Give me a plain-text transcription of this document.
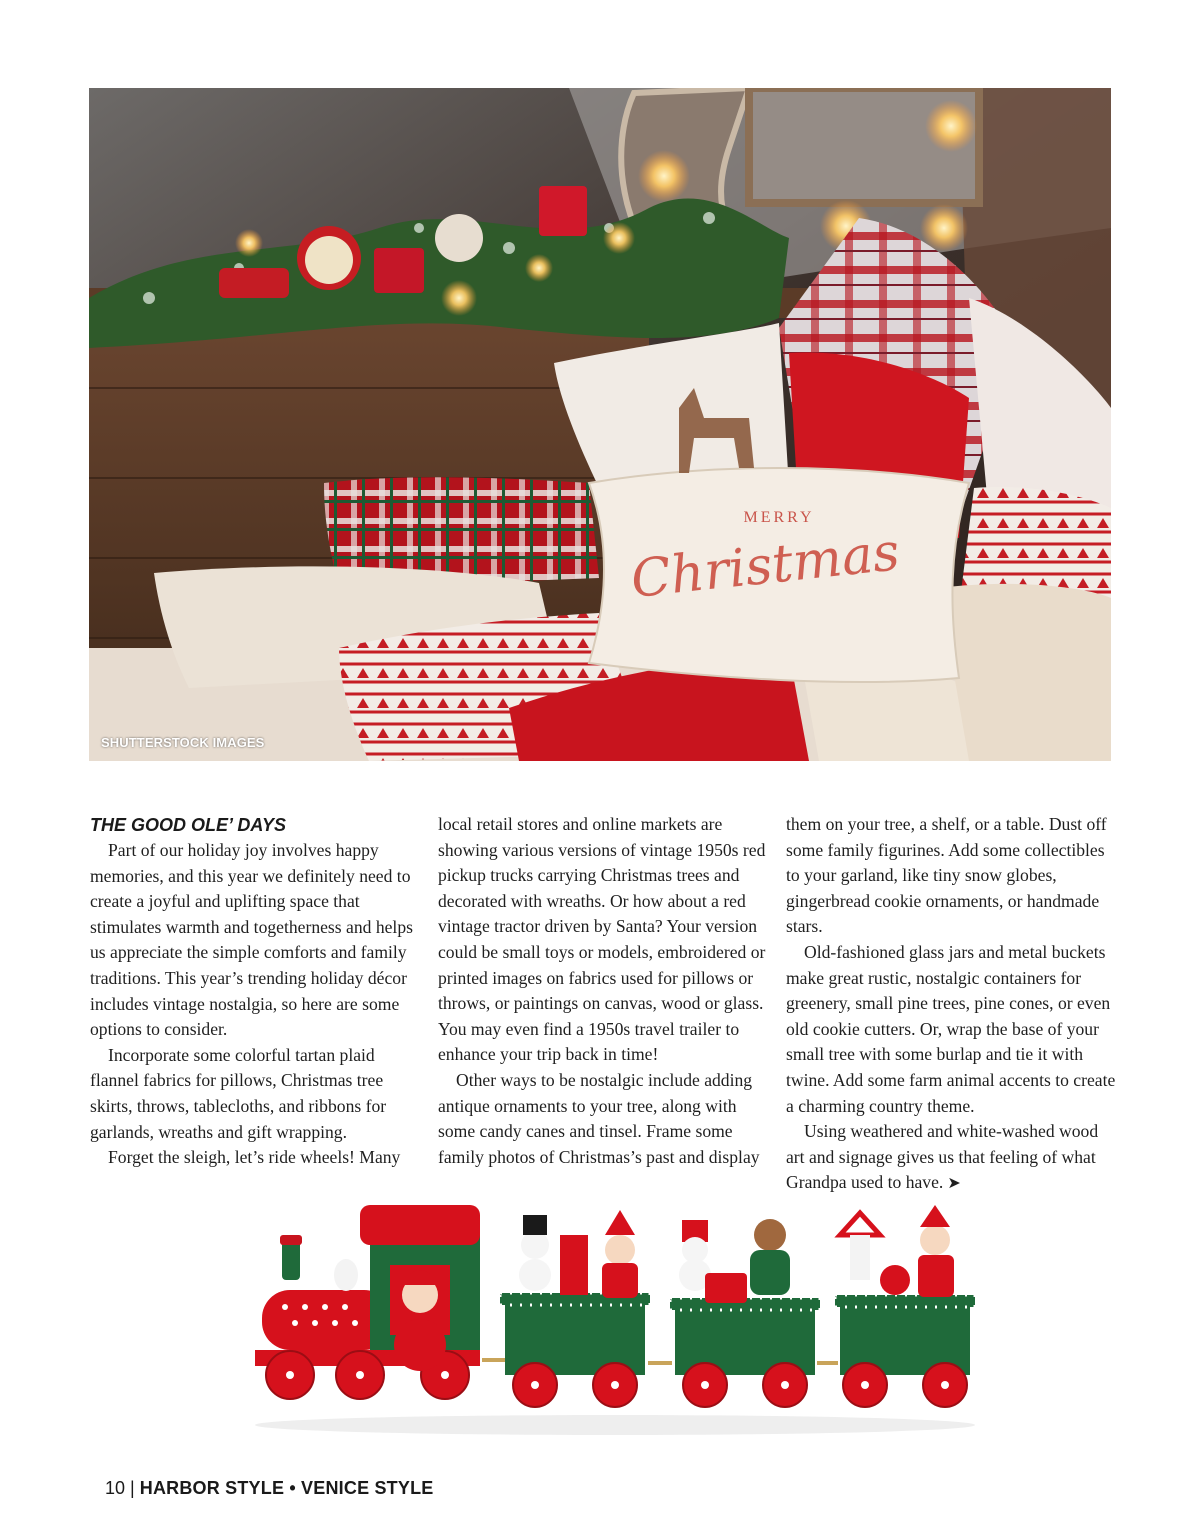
MERRY
Christmas
SHUTTERSTOCK IMAGES
THE GOOD OLE’ DAYS

Part of our holiday joy involves happy memories, and this year we definitely need to create a joyful and uplifting space that stimulates warmth and togetherness and helps us appreciate the simple comforts and family traditions. This year’s trending holiday décor includes vintage nostalgia, so here are some options to consider.

Incorporate some colorful tartan plaid flannel fabrics for pillows, Christmas tree skirts, throws, tablecloths, and ribbons for garlands, wreaths and gift wrapping.

Forget the sleigh, let’s ride wheels! Many

local retail stores and online markets are showing various versions of vintage 1950s red pickup trucks carrying Christmas trees and decorated with wreaths. Or how about a red vintage tractor driven by Santa? Your version could be small toys or models, embroidered or printed images on fabrics used for pillows or throws, or paintings on canvas, wood or glass. You may even find a 1950s travel trailer to enhance your trip back in time!

Other ways to be nostalgic include adding antique ornaments to your tree, along with some candy canes and tinsel. Frame some family photos of Christmas’s past and display

them on your tree, a shelf, or a table. Dust off some family figurines. Add some collectibles to your garland, like tiny snow globes, gingerbread cookie ornaments, or handmade stars.

Old-fashioned glass jars and metal buckets make great rustic, nostalgic containers for greenery, small pine trees, pine cones, or even old cookie cutters. Or, wrap the base of your small tree with some burlap and tie it with twine. Add some farm animal accents to create a charming country theme.

Using weathered and white-washed wood art and signage gives us that feeling of what Grandpa used to have. ➤

10 | HARBOR STYLE • VENICE STYLE
